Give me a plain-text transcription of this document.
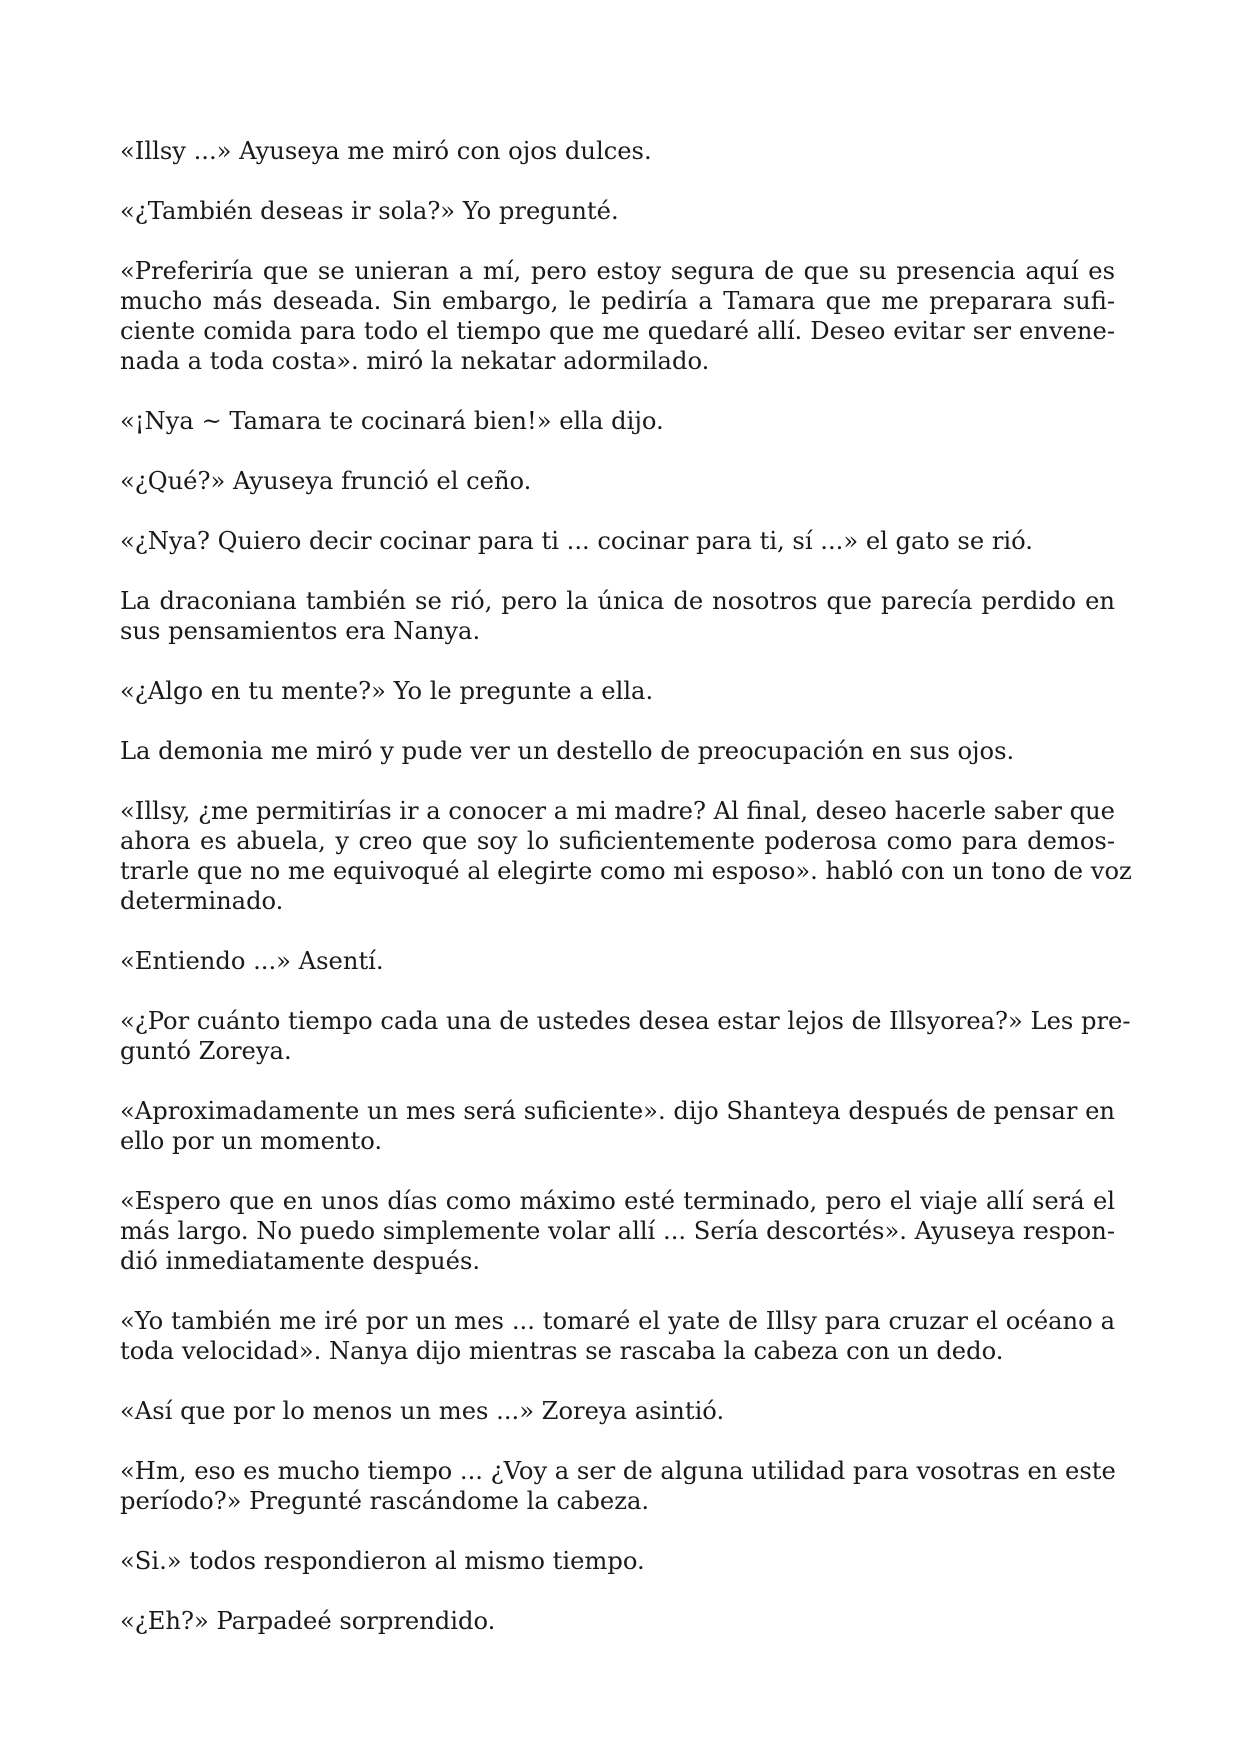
«Illsy ...» Ayuseya me miró con ojos dulces.

«¿También deseas ir sola?» Yo pregunté.

«Preferiría que se unieran a mí, pero estoy segura de que su presencia aquí es
mucho más deseada. Sin embargo, le pediría a Tamara que me preparara sufi-
ciente comida para todo el tiempo que me quedaré allí. Deseo evitar ser envene-
nada a toda costa». miró la nekatar adormilado.

«¡Nya ~ Tamara te cocinará bien!» ella dijo.

«¿Qué?» Ayuseya frunció el ceño.

«¿Nya? Quiero decir cocinar para ti ... cocinar para ti, sí ...» el gato se rió.

La draconiana también se rió, pero la única de nosotros que parecía perdido en
sus pensamientos era Nanya.

«¿Algo en tu mente?» Yo le pregunte a ella.

La demonia me miró y pude ver un destello de preocupación en sus ojos.

«Illsy, ¿me permitirías ir a conocer a mi madre? Al final, deseo hacerle saber que
ahora es abuela, y creo que soy lo suficientemente poderosa como para demos-
trarle que no me equivoqué al elegirte como mi esposo». habló con un tono de voz
determinado.

«Entiendo ...» Asentí.

«¿Por cuánto tiempo cada una de ustedes desea estar lejos de Illsyorea?» Les pre-
guntó Zoreya.

«Aproximadamente un mes será suficiente». dijo Shanteya después de pensar en
ello por un momento.

«Espero que en unos días como máximo esté terminado, pero el viaje allí será el
más largo. No puedo simplemente volar allí ... Sería descortés». Ayuseya respon-
dió inmediatamente después.

«Yo también me iré por un mes ... tomaré el yate de Illsy para cruzar el océano a
toda velocidad». Nanya dijo mientras se rascaba la cabeza con un dedo.

«Así que por lo menos un mes ...» Zoreya asintió.

«Hm, eso es mucho tiempo ... ¿Voy a ser de alguna utilidad para vosotras en este
período?» Pregunté rascándome la cabeza.

«Si.» todos respondieron al mismo tiempo.

«¿Eh?» Parpadeé sorprendido.
